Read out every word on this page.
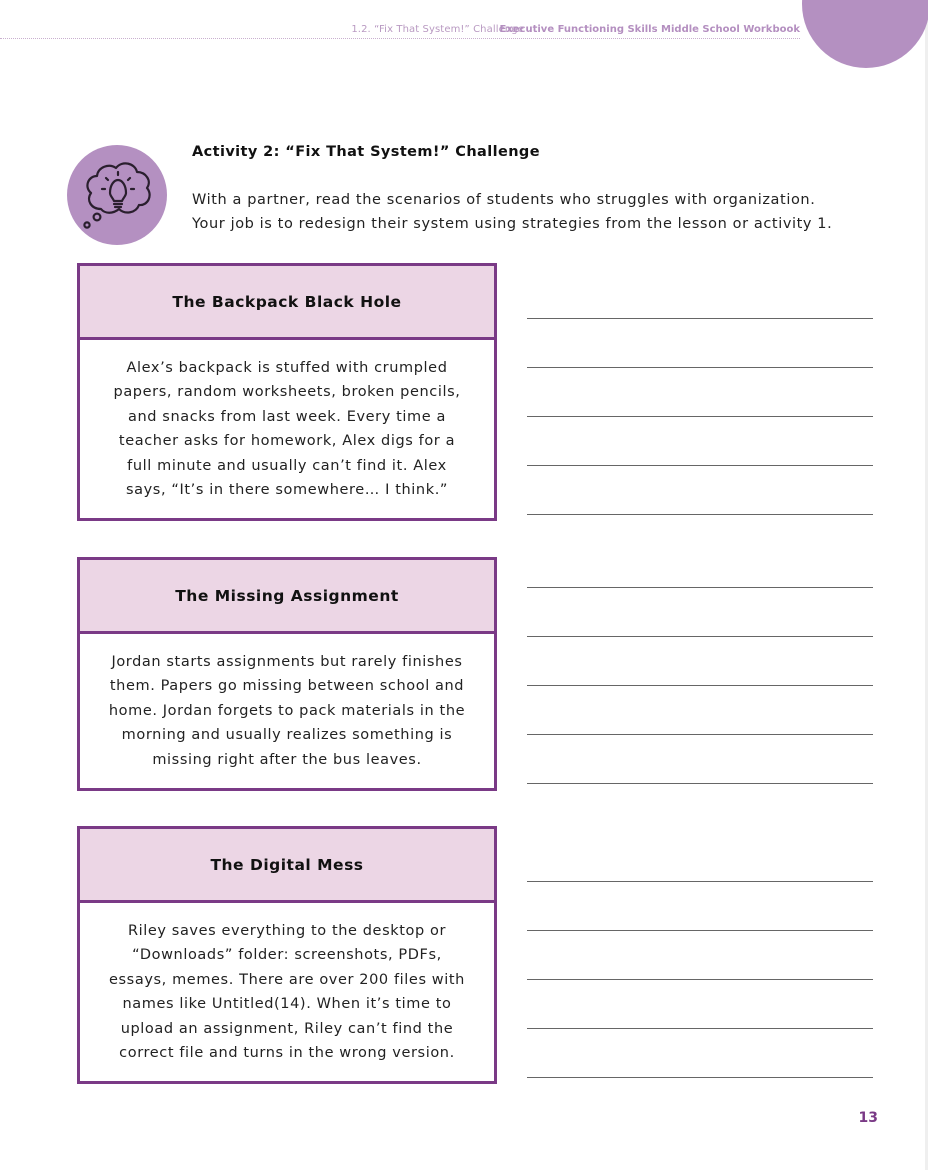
1.2. “Fix That System!” Challenge
Executive Functioning Skills Middle School Workbook
Activity 2: “Fix That System!” Challenge
With a partner, read the scenarios of students who struggles with organization.
Your job is to redesign their system using strategies from the lesson or activity 1.
The Backpack Black Hole
Alex’s backpack is stuffed with crumpled
papers, random worksheets, broken pencils,
and snacks from last week. Every time a
teacher asks for homework, Alex digs for a
full minute and usually can’t find it. Alex
says, “It’s in there somewhere… I think.”
The Missing Assignment
Jordan starts assignments but rarely finishes
them. Papers go missing between school and
home. Jordan forgets to pack materials in the
morning and usually realizes something is
missing right after the bus leaves.
The Digital Mess
Riley saves everything to the desktop or
“Downloads” folder: screenshots, PDFs,
essays, memes. There are over 200 files with
names like Untitled(14). When it’s time to
upload an assignment, Riley can’t find the
correct file and turns in the wrong version.
13
